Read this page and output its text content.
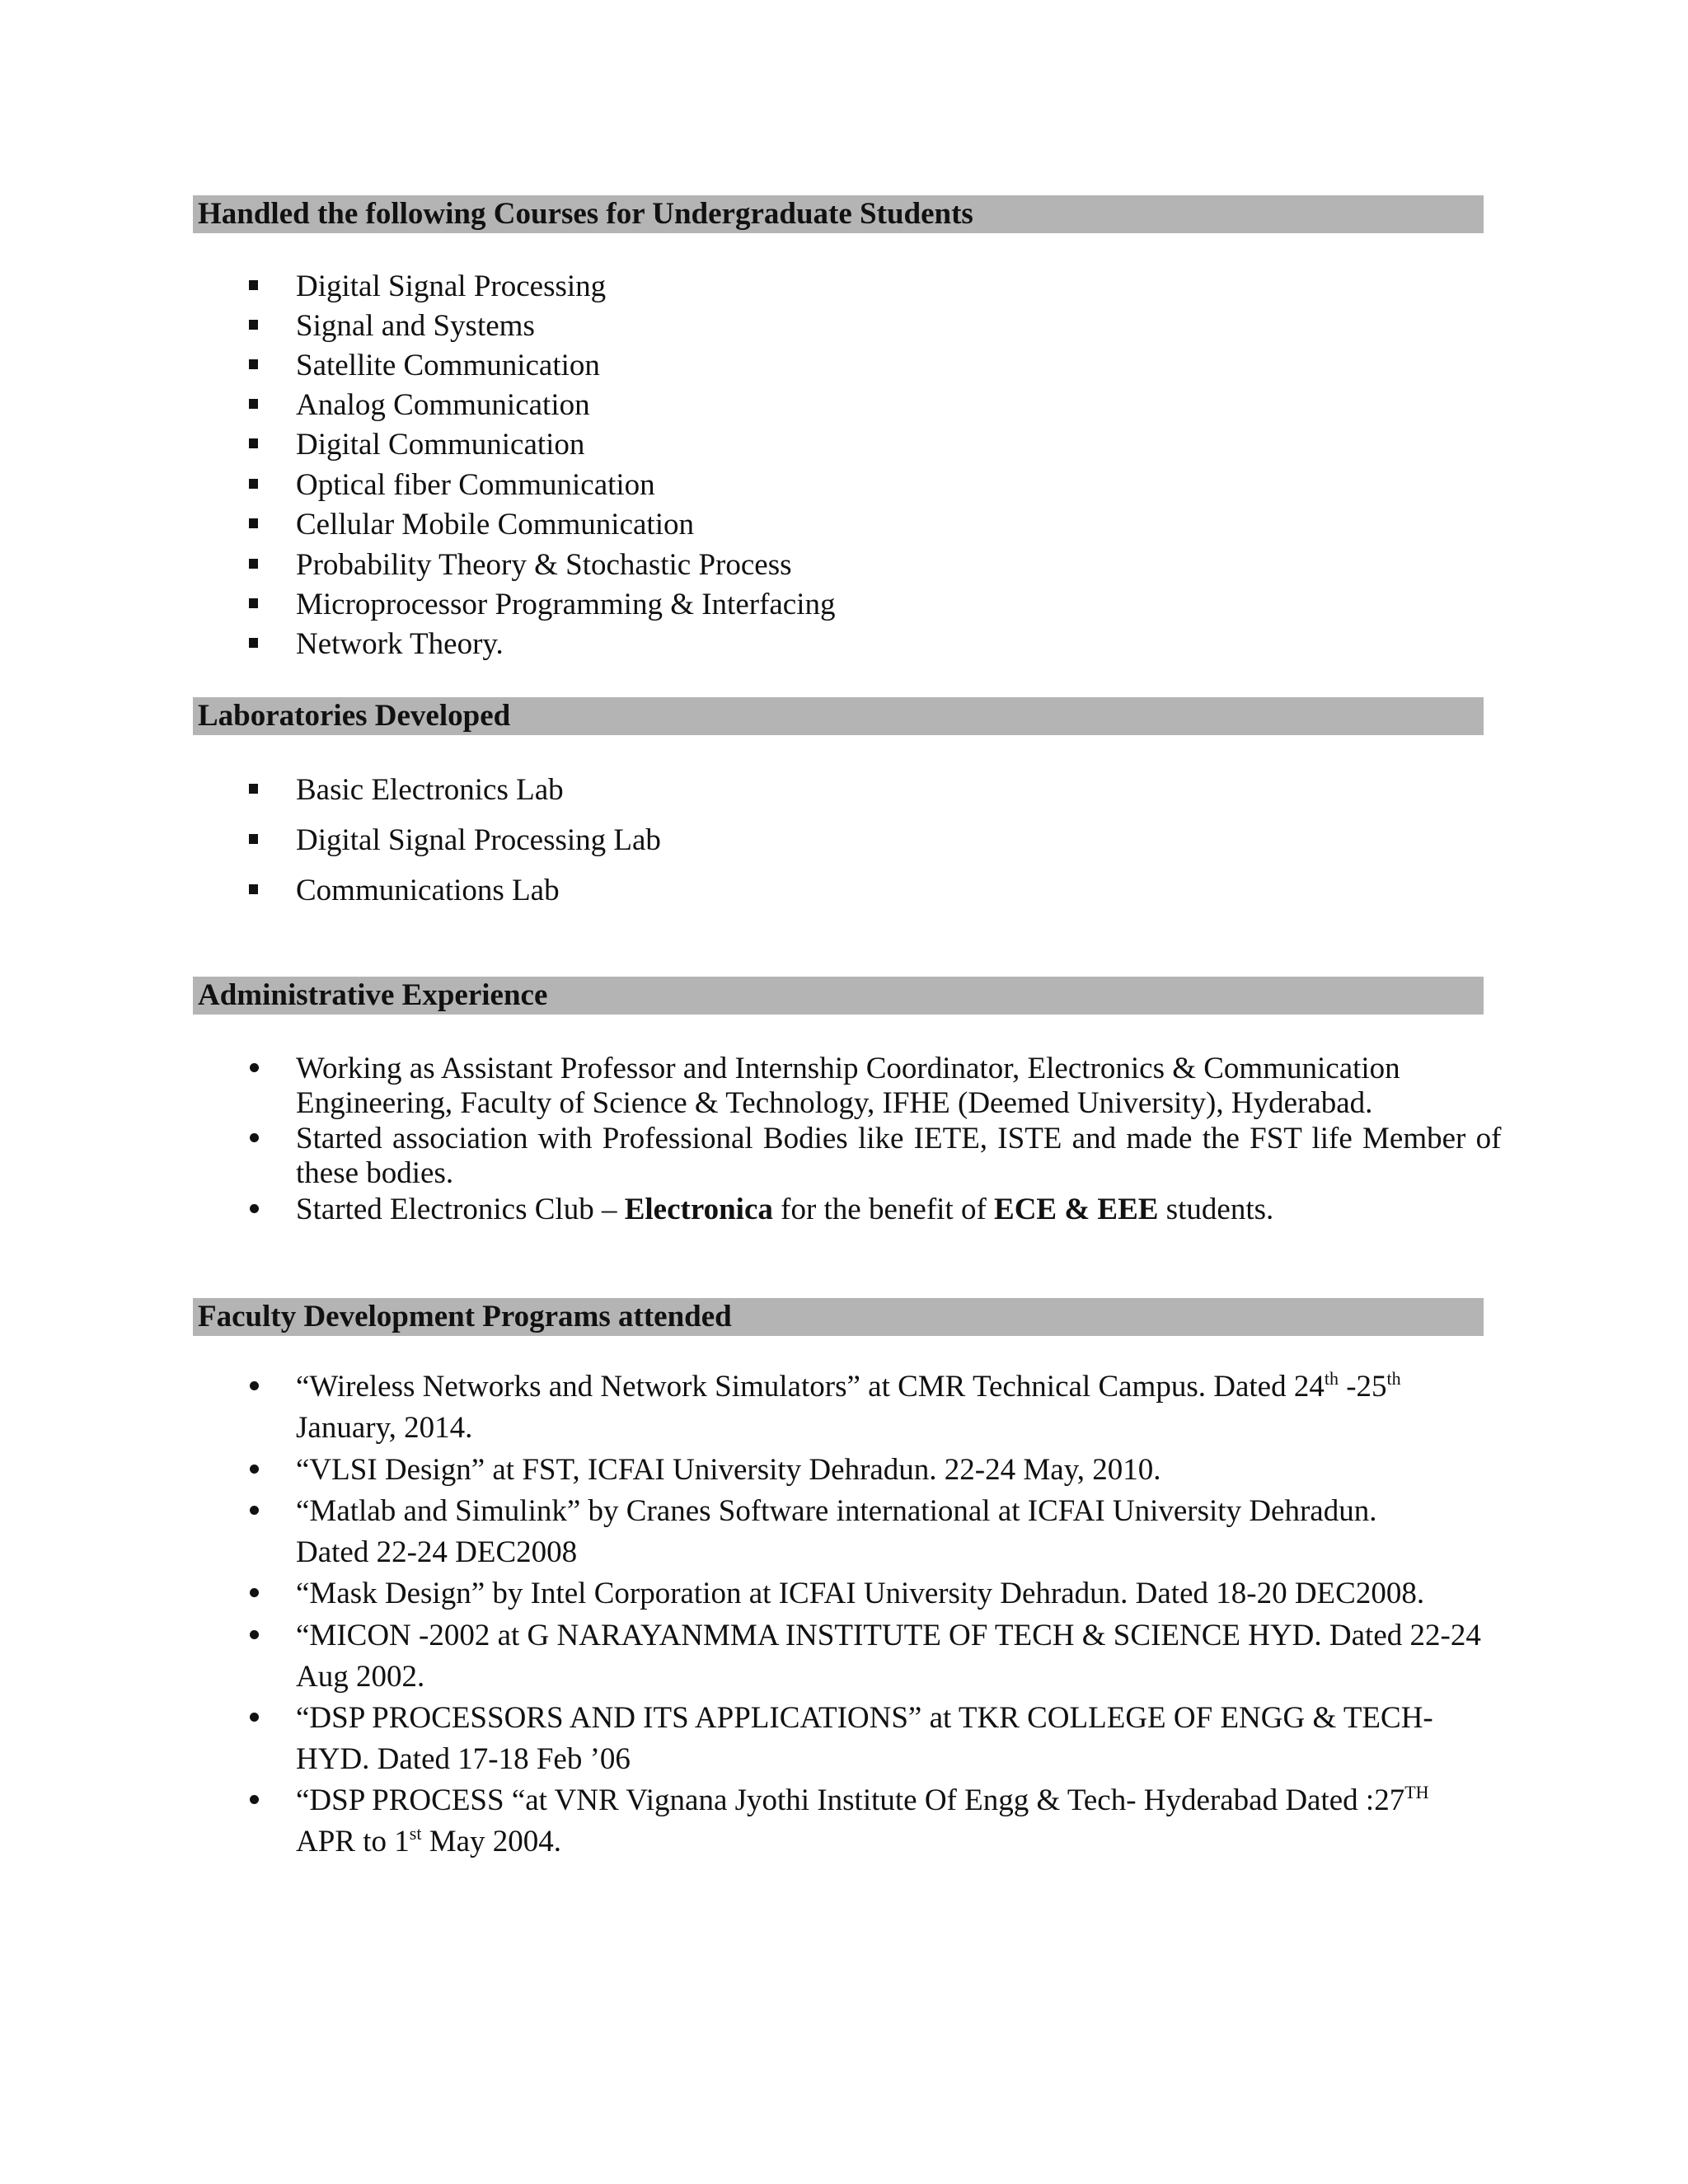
Handled the following Courses for Undergraduate Students
Digital Signal Processing
Signal and Systems
Satellite Communication
Analog Communication
Digital Communication
Optical fiber Communication
Cellular Mobile Communication
Probability Theory & Stochastic Process
Microprocessor Programming & Interfacing
Network Theory.
Laboratories Developed
Basic Electronics Lab
Digital Signal Processing Lab
Communications Lab
Administrative Experience
Working as Assistant Professor and Internship Coordinator, Electronics & Communication
Engineering, Faculty of Science & Technology, IFHE (Deemed University), Hyderabad.
Started association with Professional Bodies like IETE, ISTE and made the FST life Member of
these bodies.
Started Electronics Club – Electronica for the benefit of ECE & EEE students.
Faculty Development Programs attended
“Wireless Networks and Network Simulators” at CMR Technical Campus. Dated 24th -25th
January, 2014.
“VLSI Design” at FST, ICFAI University Dehradun. 22-24 May, 2010.
“Matlab and Simulink” by Cranes Software international at ICFAI University Dehradun.
Dated 22-24 DEC2008
“Mask Design” by Intel Corporation at ICFAI University Dehradun. Dated 18-20 DEC2008.
“MICON -2002 at G NARAYANMMA INSTITUTE OF TECH & SCIENCE HYD. Dated 22-24
Aug 2002.
“DSP PROCESSORS AND ITS APPLICATIONS” at TKR COLLEGE OF ENGG & TECH-
HYD. Dated 17-18 Feb ’06
“DSP PROCESS “at VNR Vignana Jyothi Institute Of Engg & Tech- Hyderabad Dated :27TH
APR to 1st May 2004.
